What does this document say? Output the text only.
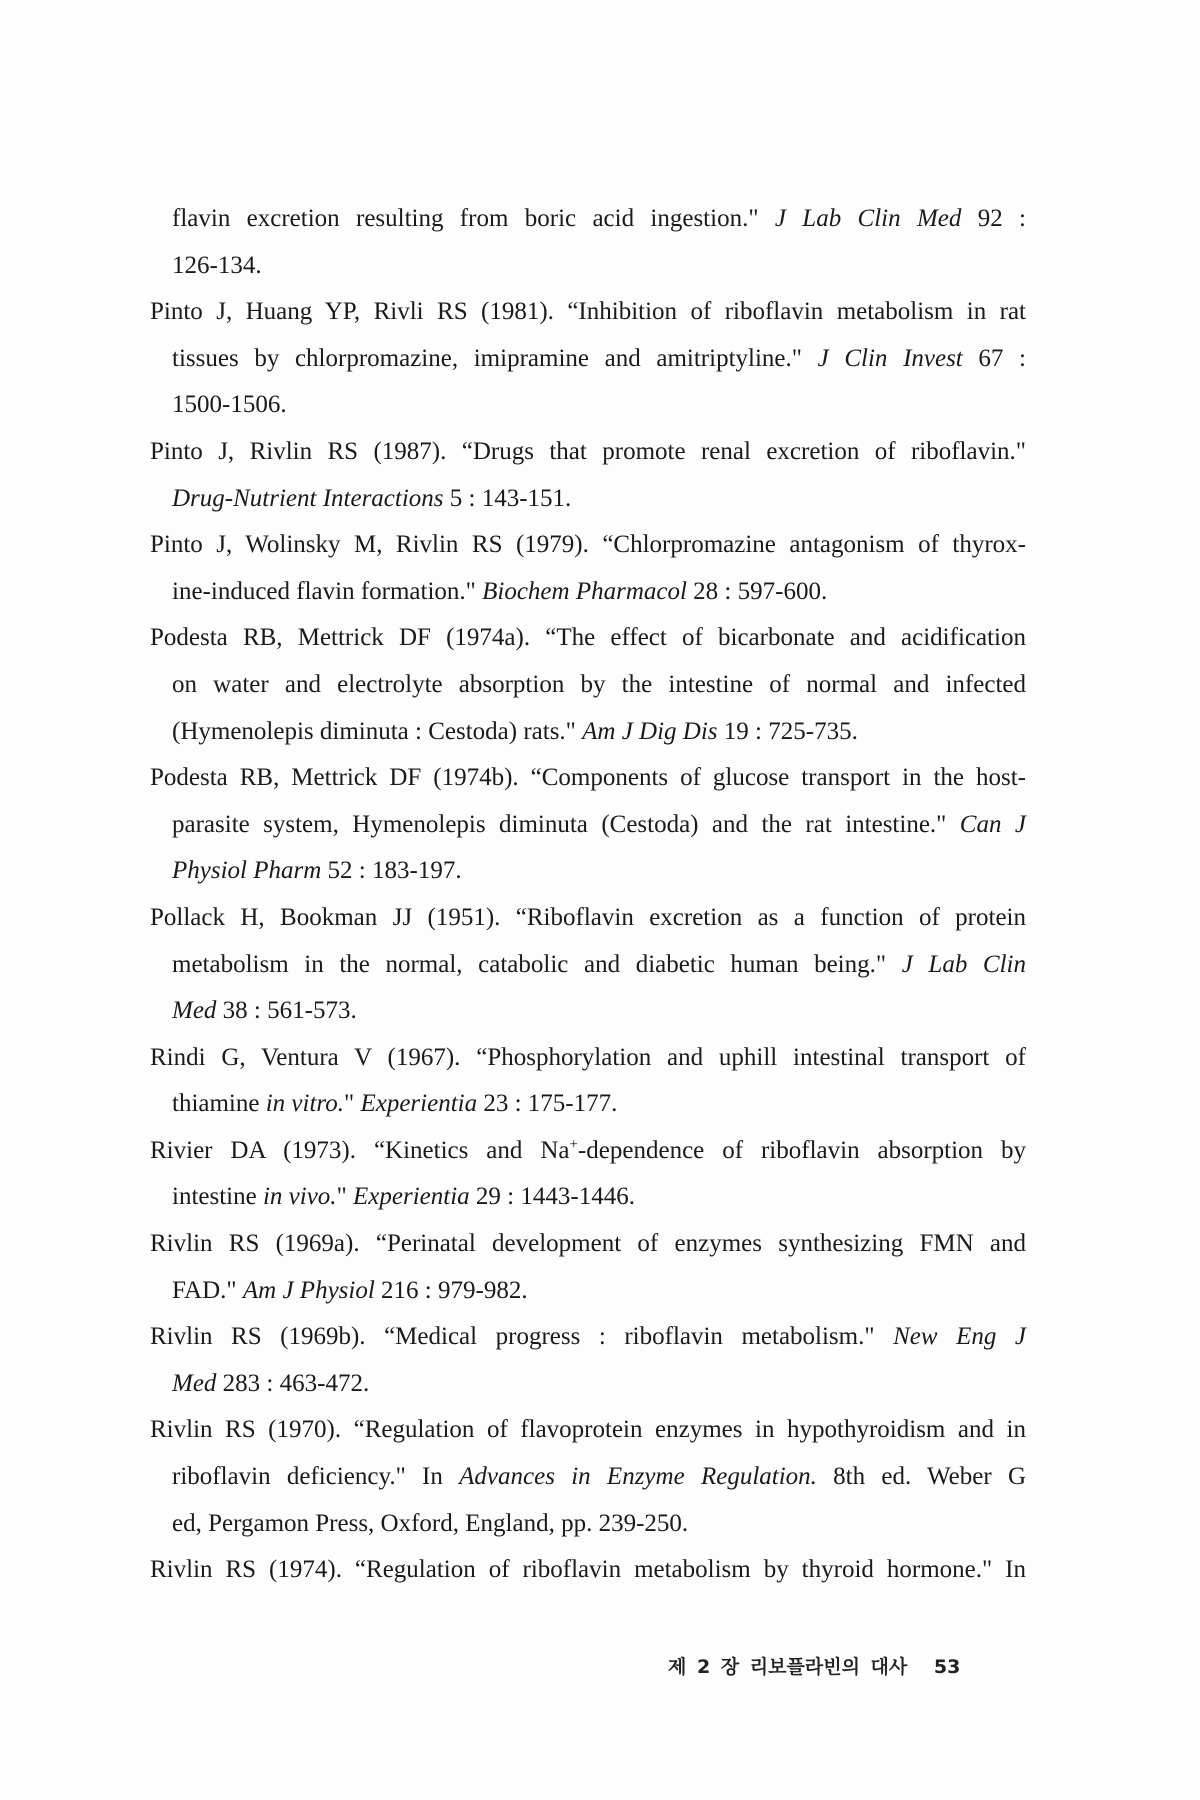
flavin excretion resulting from boric acid ingestion." J Lab Clin Med 92 :
126-134.
Pinto J, Huang YP, Rivli RS (1981). “Inhibition of riboflavin metabolism in rat
tissues by chlorpromazine, imipramine and amitriptyline." J Clin Invest 67 :
1500-1506.
Pinto J, Rivlin RS (1987). “Drugs that promote renal excretion of riboflavin."
Drug-Nutrient Interactions 5 : 143-151.
Pinto J, Wolinsky M, Rivlin RS (1979). “Chlorpromazine antagonism of thyrox-
ine-induced flavin formation." Biochem Pharmacol 28 : 597-600.
Podesta RB, Mettrick DF (1974a). “The effect of bicarbonate and acidification
on water and electrolyte absorption by the intestine of normal and infected
(Hymenolepis diminuta : Cestoda) rats." Am J Dig Dis 19 : 725-735.
Podesta RB, Mettrick DF (1974b). “Components of glucose transport in the host-
parasite system, Hymenolepis diminuta (Cestoda) and the rat intestine." Can J
Physiol Pharm 52 : 183-197.
Pollack H, Bookman JJ (1951). “Riboflavin excretion as a function of protein
metabolism in the normal, catabolic and diabetic human being." J Lab Clin
Med 38 : 561-573.
Rindi G, Ventura V (1967). “Phosphorylation and uphill intestinal transport of
thiamine in vitro." Experientia 23 : 175-177.
Rivier DA (1973). “Kinetics and Na+-dependence of riboflavin absorption by
intestine in vivo." Experientia 29 : 1443-1446.
Rivlin RS (1969a). “Perinatal development of enzymes synthesizing FMN and
FAD." Am J Physiol 216 : 979-982.
Rivlin RS (1969b). “Medical progress : riboflavin metabolism." New Eng J
Med 283 : 463-472.
Rivlin RS (1970). “Regulation of flavoprotein enzymes in hypothyroidism and in
riboflavin deficiency." In Advances in Enzyme Regulation. 8th ed. Weber G
ed, Pergamon Press, Oxford, England, pp. 239-250.
Rivlin RS (1974). “Regulation of riboflavin metabolism by thyroid hormone." In
제 2 장 리보플라빈의 대사 53
